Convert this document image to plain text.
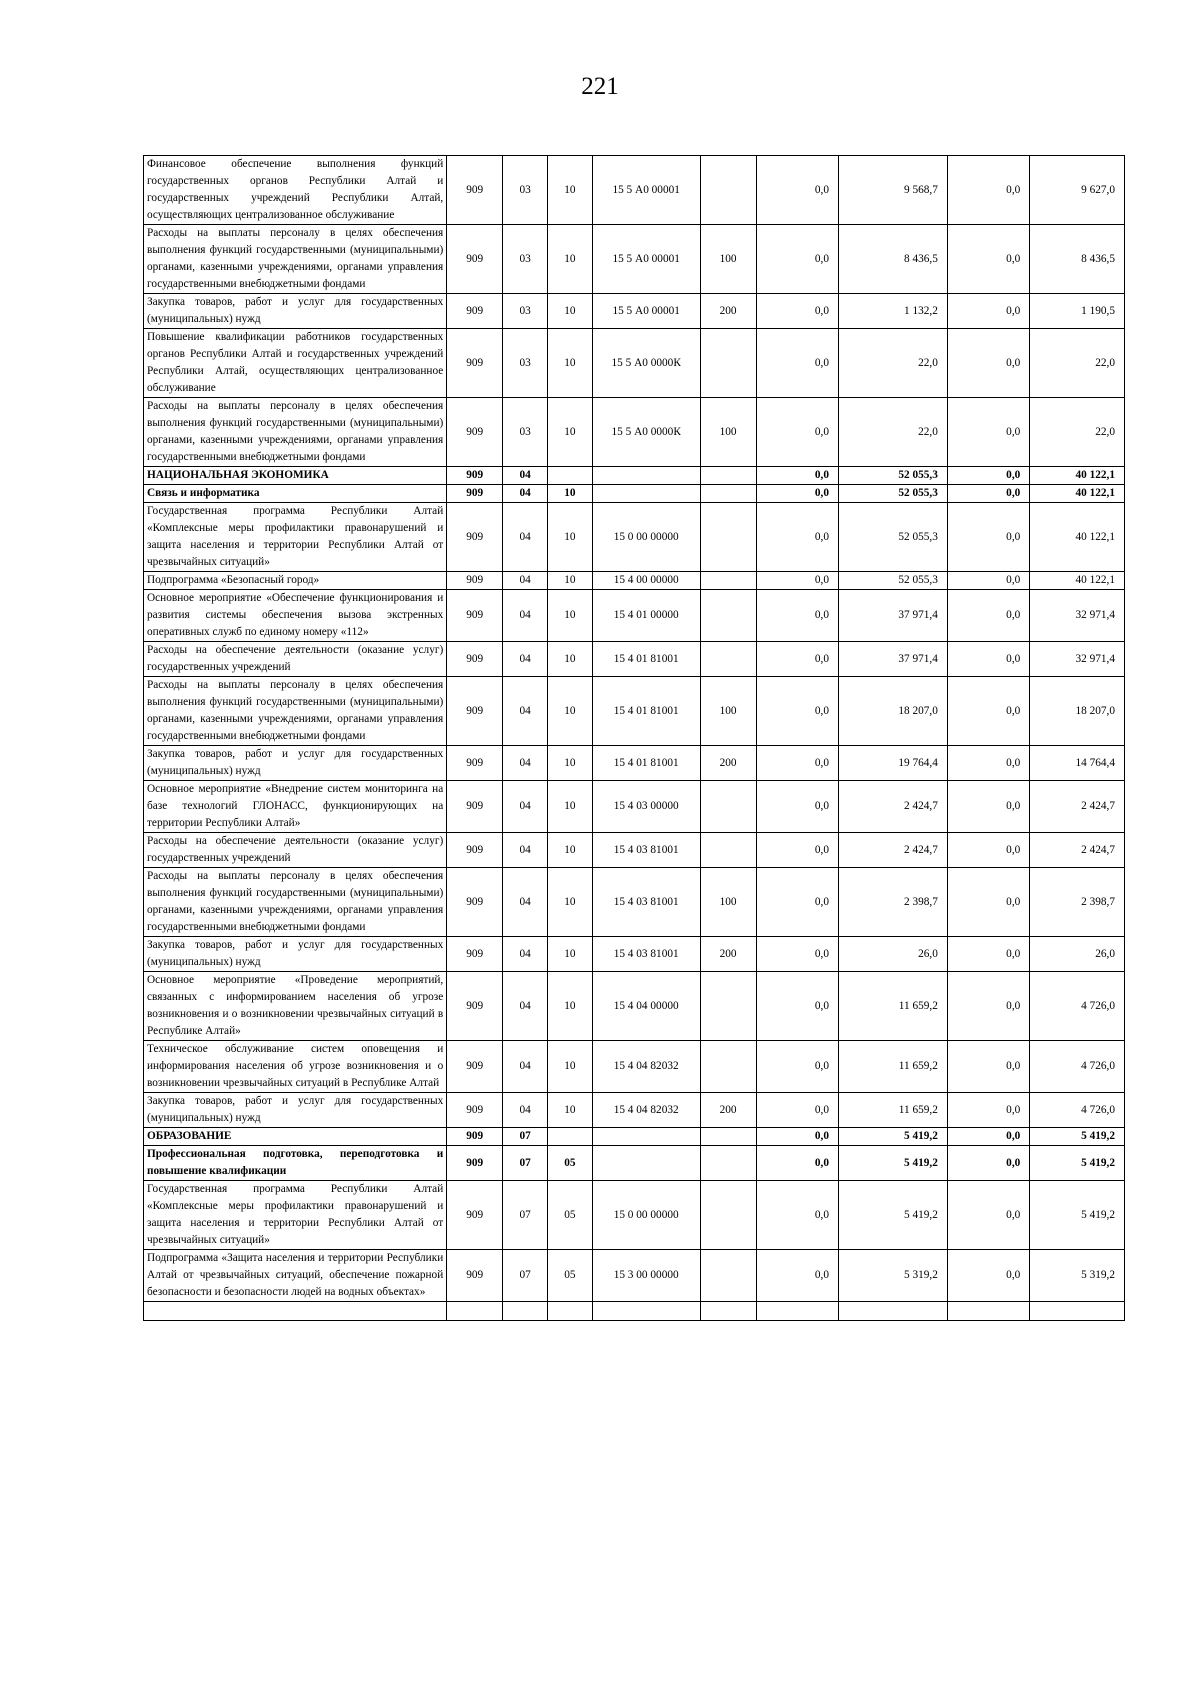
221
Финансовое обеспечение выполнения функций государственных органов Республики Алтай и государственных учреждений Республики Алтай, осуществляющих централизованное обслуживание	909	03	10	15 5 А0 00001		0,0	9 568,7	0,0	9 627,0
Расходы на выплаты персоналу в целях обеспечения выполнения функций государственными (муниципальными) органами, казенными учреждениями, органами управления государственными внебюджетными фондами	909	03	10	15 5 А0 00001	100	0,0	8 436,5	0,0	8 436,5
Закупка товаров, работ и услуг для государственных (муниципальных) нужд	909	03	10	15 5 А0 00001	200	0,0	1 132,2	0,0	1 190,5
Повышение квалификации работников государственных органов Республики Алтай и государственных учреждений Республики Алтай, осуществляющих централизованное обслуживание	909	03	10	15 5 А0 0000К		0,0	22,0	0,0	22,0
Расходы на выплаты персоналу в целях обеспечения выполнения функций государственными (муниципальными) органами, казенными учреждениями, органами управления государственными внебюджетными фондами	909	03	10	15 5 А0 0000К	100	0,0	22,0	0,0	22,0
НАЦИОНАЛЬНАЯ ЭКОНОМИКА	909	04				0,0	52 055,3	0,0	40 122,1
Связь и информатика	909	04	10			0,0	52 055,3	0,0	40 122,1
Государственная программа Республики Алтай «Комплексные меры профилактики правонарушений и защита населения и территории Республики Алтай от чрезвычайных ситуаций»	909	04	10	15 0 00 00000		0,0	52 055,3	0,0	40 122,1
Подпрограмма «Безопасный город»	909	04	10	15 4 00 00000		0,0	52 055,3	0,0	40 122,1
Основное мероприятие «Обеспечение функционирования и развития системы обеспечения вызова экстренных оперативных служб по единому номеру «112»	909	04	10	15 4 01 00000		0,0	37 971,4	0,0	32 971,4
Расходы на обеспечение деятельности (оказание услуг) государственных учреждений	909	04	10	15 4 01 81001		0,0	37 971,4	0,0	32 971,4
Расходы на выплаты персоналу в целях обеспечения выполнения функций государственными (муниципальными) органами, казенными учреждениями, органами управления государственными внебюджетными фондами	909	04	10	15 4 01 81001	100	0,0	18 207,0	0,0	18 207,0
Закупка товаров, работ и услуг для государственных (муниципальных) нужд	909	04	10	15 4 01 81001	200	0,0	19 764,4	0,0	14 764,4
Основное мероприятие «Внедрение систем мониторинга на базе технологий ГЛОНАСС, функционирующих на территории Республики Алтай»	909	04	10	15 4 03 00000		0,0	2 424,7	0,0	2 424,7
Расходы на обеспечение деятельности (оказание услуг) государственных учреждений	909	04	10	15 4 03 81001		0,0	2 424,7	0,0	2 424,7
Расходы на выплаты персоналу в целях обеспечения выполнения функций государственными (муниципальными) органами, казенными учреждениями, органами управления государственными внебюджетными фондами	909	04	10	15 4 03 81001	100	0,0	2 398,7	0,0	2 398,7
Закупка товаров, работ и услуг для государственных (муниципальных) нужд	909	04	10	15 4 03 81001	200	0,0	26,0	0,0	26,0
Основное мероприятие «Проведение мероприятий, связанных с информированием населения об угрозе возникновения и о возникновении чрезвычайных ситуаций в Республике Алтай»	909	04	10	15 4 04 00000		0,0	11 659,2	0,0	4 726,0
Техническое обслуживание систем оповещения и информирования населения об угрозе возникновения и о возникновении чрезвычайных ситуаций в Республике Алтай	909	04	10	15 4 04 82032		0,0	11 659,2	0,0	4 726,0
Закупка товаров, работ и услуг для государственных (муниципальных) нужд	909	04	10	15 4 04 82032	200	0,0	11 659,2	0,0	4 726,0
ОБРАЗОВАНИЕ	909	07				0,0	5 419,2	0,0	5 419,2
Профессиональная подготовка, переподготовка и повышение квалификации	909	07	05			0,0	5 419,2	0,0	5 419,2
Государственная программа Республики Алтай «Комплексные меры профилактики правонарушений и защита населения и территории Республики Алтай от чрезвычайных ситуаций»	909	07	05	15 0 00 00000		0,0	5 419,2	0,0	5 419,2
Подпрограмма «Защита населения и территории Республики Алтай от чрезвычайных ситуаций, обеспечение пожарной безопасности и безопасности людей на водных объектах»	909	07	05	15 3 00 00000		0,0	5 319,2	0,0	5 319,2
